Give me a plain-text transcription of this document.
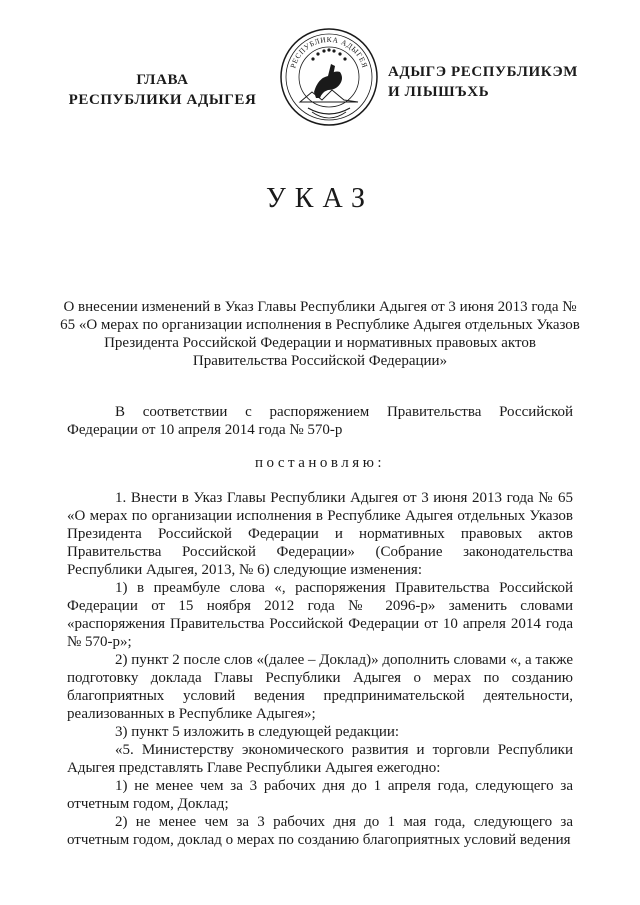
ГЛАВА
РЕСПУБЛИКИ АДЫГЕЯ
РЕСПУБЛИКА АДЫГЕЯ АДЫГЭ РЕСПУБЛИКЭМ
И ЛІЫШЪХЬ
УКАЗ
О внесении изменений в Указ Главы Республики Адыгея от 3 июня 2013 года № 65 «О мерах по организации исполнения в Республике Адыгея отдельных Указов Президента Российской Федерации и нормативных правовых актов Правительства Российской Федерации»
В соответствии с распоряжением Правительства Российской Федерации от 10 апреля 2014 года № 570-р
постановляю:

1. Внести в Указ Главы Республики Адыгея от 3 июня 2013 года № 65 «О мерах по организации исполнения в Республике Адыгея отдельных Указов Президента Российской Федерации и нормативных правовых актов Правительства Российской Федерации» (Собрание законодательства Республики Адыгея, 2013, № 6) следующие изменения:

1) в преамбуле слова «, распоряжения Правительства Российской Федерации от 15 ноября 2012 года № 2096-р» заменить словами «распоряжения Правительства Российской Федерации от 10 апреля 2014 года № 570-р»;

2) пункт 2 после слов «(далее – Доклад)» дополнить словами «, а также подготовку доклада Главы Республики Адыгея о мерах по созданию благоприятных условий ведения предпринимательской деятельности, реализованных в Республике Адыгея»;

3) пункт 5 изложить в следующей редакции:

«5. Министерству экономического развития и торговли Республики Адыгея представлять Главе Республики Адыгея ежегодно:

1) не менее чем за 3 рабочих дня до 1 апреля года, следующего за отчетным годом, Доклад;

2) не менее чем за 3 рабочих дня до 1 мая года, следующего за отчетным годом, доклад о мерах по созданию благоприятных условий ведения
